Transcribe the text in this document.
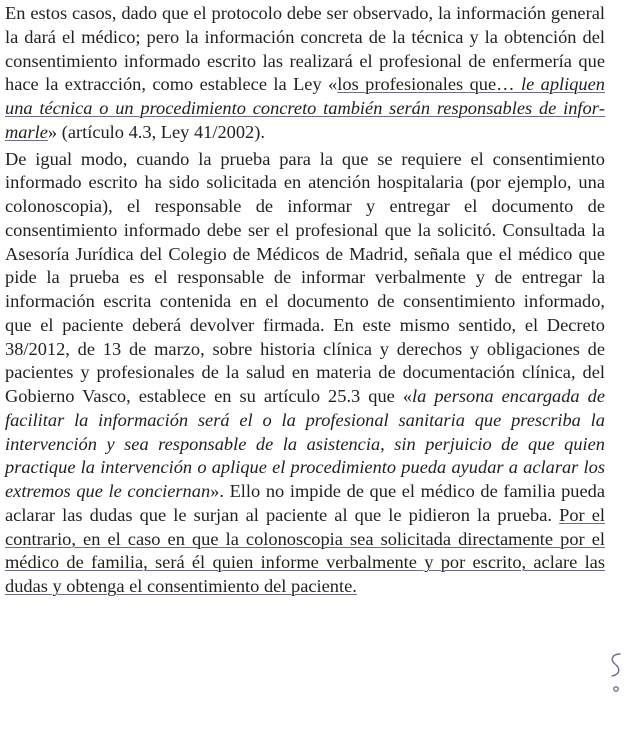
En estos casos, dado que el protocolo debe ser observado, la información general la dará el médico; pero la información concreta de la técnica y la obtención del consentimiento informado escrito las realizará el profesional de enfermería que hace la extracción, como establece la Ley «los profesionales que… le apliquen una técnica o un procedimiento concreto también serán responsables de informarle» (artículo 4.3, Ley 41/2002).

De igual modo, cuando la prueba para la que se requiere el consentimiento informado escrito ha sido solicitada en atención hospitalaria (por ejemplo, una colonoscopia), el responsable de informar y entregar el documento de consentimiento informado debe ser el profesional que la solicitó. Consultada la Asesoría Jurídica del Colegio de Médicos de Madrid, señala que el médico que pide la prueba es el responsable de informar verbalmente y de entregar la información escrita contenida en el documento de consentimiento informado, que el paciente deberá devolver firmada. En este mismo sentido, el Decreto 38/2012, de 13 de marzo, sobre historia clínica y derechos y obligaciones de pacientes y profesionales de la salud en materia de documentación clínica, del Gobierno Vasco, establece en su artículo 25.3 que «la persona encargada de facilitar la información será el o la profesional sanitaria que prescriba la intervención y sea responsable de la asistencia, sin perjuicio de que quien practique la intervención o aplique el procedimiento pueda ayudar a aclarar los extremos que le conciernan». Ello no impide de que el médico de familia pueda aclarar las dudas que le surjan al paciente al que le pidieron la prueba. Por el contrario, en el caso en que la colonoscopia sea solicitada directamente por el médico de familia, será él quien informe verbalmente y por escrito, aclare las dudas y obtenga el consentimiento del paciente.
